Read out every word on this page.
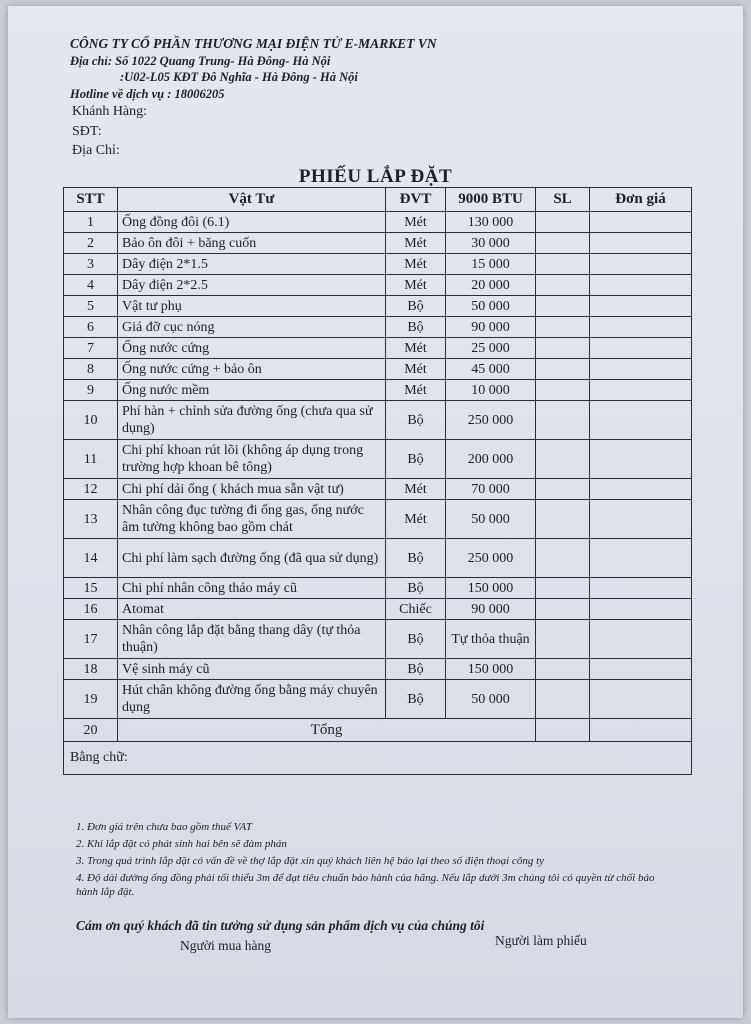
CÔNG TY CỔ PHẦN THƯƠNG MẠI ĐIỆN TỬ E-MARKET VN
Địa chỉ: Số 1022 Quang Trung- Hà Đông- Hà Nội
:U02-L05 KĐT Đô Nghĩa - Hà Đông - Hà Nội
Hotline về dịch vụ : 18006205
Khánh Hàng:
SĐT:
Địa Chỉ:
PHIẾU LẮP ĐẶT
STT	Vật Tư	ĐVT	9000 BTU	SL	Đơn giá
1	Ống đồng đôi (6.1)	Mét	130 000		
2	Bảo ôn đôi + băng cuốn	Mét	30 000		
3	Dây điện 2*1.5	Mét	15 000		
4	Dây điện 2*2.5	Mét	20 000		
5	Vật tư phụ	Bộ	50 000		
6	Giá đỡ cục nóng	Bộ	90 000		
7	Ống nước cứng	Mét	25 000		
8	Ống nước cứng + bảo ôn	Mét	45 000		
9	Ống nước mềm	Mét	10 000		
10	Phí hàn + chỉnh sửa đường ống (chưa qua sử dụng)	Bộ	250 000		
11	Chi phí khoan rút lõi (không áp dụng trong trường hợp khoan bê tông)	Bộ	200 000		
12	Chi phí dải ống ( khách mua sẵn vật tư)	Mét	70 000		
13	Nhân công đục tường đi ống gas, ống nước âm tường không bao gồm chát	Mét	50 000		
14	Chi phí làm sạch đường ống (đã qua sử dụng)	Bộ	250 000		
15	Chi phí nhân công tháo máy cũ	Bộ	150 000		
16	Atomat	Chiếc	90 000		
17	Nhân công lắp đặt bằng thang dây (tự thỏa thuận)	Bộ	Tự thỏa thuận		
18	Vệ sinh máy cũ	Bộ	150 000		
19	Hút chân không đường ống bằng máy chuyên dụng	Bộ	50 000		
20	Tổng				
Bằng chữ:
1. Đơn giá trên chưa bao gồm thuế VAT
2. Khi lắp đặt có phát sinh hai bên sẽ đàm phán
3. Trong quá trình lắp đặt có vấn đề về thợ lắp đặt xin quý khách liên hệ báo lại theo số điện thoại công ty
4. Độ dài đường ống đồng phải tối thiểu 3m để đạt tiêu chuẩn bảo hành của hãng. Nếu lắp dưới 3m chúng tôi có quyền từ chối bảo hành lắp đặt.
Cám ơn quý khách đã tin tưởng sử dụng sản phẩm dịch vụ của chúng tôi
Người mua hàng	Người làm phiếu
